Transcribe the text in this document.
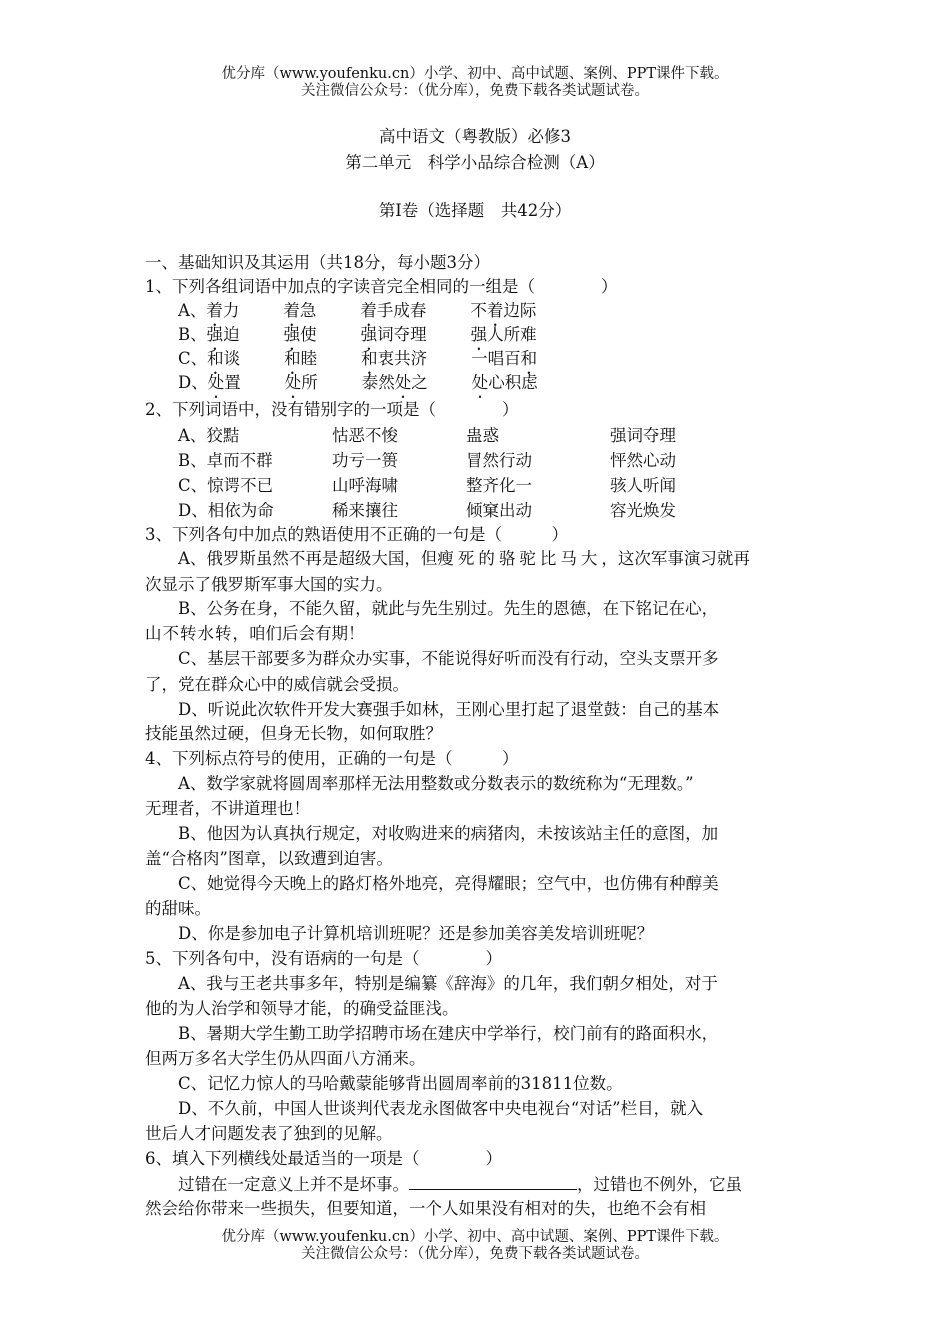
优分库（www.youfenku.cn）小学、初中、高中试题、案例、PPT课件下载。
关注微信公众号：（优分库），免费下载各类试题试卷。
高中语文（粤教版）必修3
第二单元　科学小品综合检测（A）
第Ⅰ卷（选择题　共42分）
一、基础知识及其运用（共18分，每小题3分）
1、下列各组词语中加点的字读音完全相同的一组是（　　　　）
A、着力	着急	着手成春	不着边际
B、强迫	强使	强词夺理	强人所难
C、和谈	和睦	和衷共济	一唱百和
D、处置	处所	泰然处之	处心积虑
2、下列词语中，没有错别字的一项是（　　　　）
A、狡黠	怙恶不悛	蛊惑	强词夺理
B、卓而不群	功亏一篑	冒然行动	怦然心动
C、惊谔不已	山呼海啸	整齐化一	骇人听闻
D、相依为命	稀来攘往	倾窠出动	容光焕发
3、下列各句中加点的熟语使用不正确的一句是（　　　）
A、俄罗斯虽然不再是超级大国，但瘦死的骆驼比马大，这次军事演习就再
次显示了俄罗斯军事大国的实力。
B、公务在身，不能久留，就此与先生别过。先生的恩德，在下铭记在心，
山不转水转，咱们后会有期！
C、基层干部要多为群众办实事，不能说得好听而没有行动，空头支票开多
了，党在群众心中的威信就会受损。
D、听说此次软件开发大赛强手如林，王刚心里打起了退堂鼓：自己的基本
技能虽然过硬，但身无长物，如何取胜？
4、下列标点符号的使用，正确的一句是（　　　）
A、数学家就将圆周率那样无法用整数或分数表示的数统称为“无理数。”
无理者，不讲道理也！
B、他因为认真执行规定，对收购进来的病猪肉，未按该站主任的意图，加
盖“合格肉”图章，以致遭到迫害。
C、她觉得今天晚上的路灯格外地亮，亮得耀眼；空气中，也仿佛有种醇美
的甜味。
D、你是参加电子计算机培训班呢？还是参加美容美发培训班呢？
5、下列各句中，没有语病的一句是（　　　　）
A、我与王老共事多年，特别是编纂《辞海》的几年，我们朝夕相处，对于
他的为人治学和领导才能，的确受益匪浅。
B、暑期大学生勤工助学招聘市场在建庆中学举行，校门前有的路面积水，
但两万多名大学生仍从四面八方涌来。
C、记忆力惊人的马哈戴蒙能够背出圆周率前的31811位数。
D、不久前，中国人世谈判代表龙永图做客中央电视台“对话”栏目，就入
世后人才问题发表了独到的见解。
6、填入下列横线处最适当的一项是（　　　　）
过错在一定意义上并不是坏事。	，过错也不例外，它虽
然会给你带来一些损失，但要知道，一个人如果没有相对的失，也绝不会有相
优分库（www.youfenku.cn）小学、初中、高中试题、案例、PPT课件下载。
关注微信公众号：（优分库），免费下载各类试题试卷。
